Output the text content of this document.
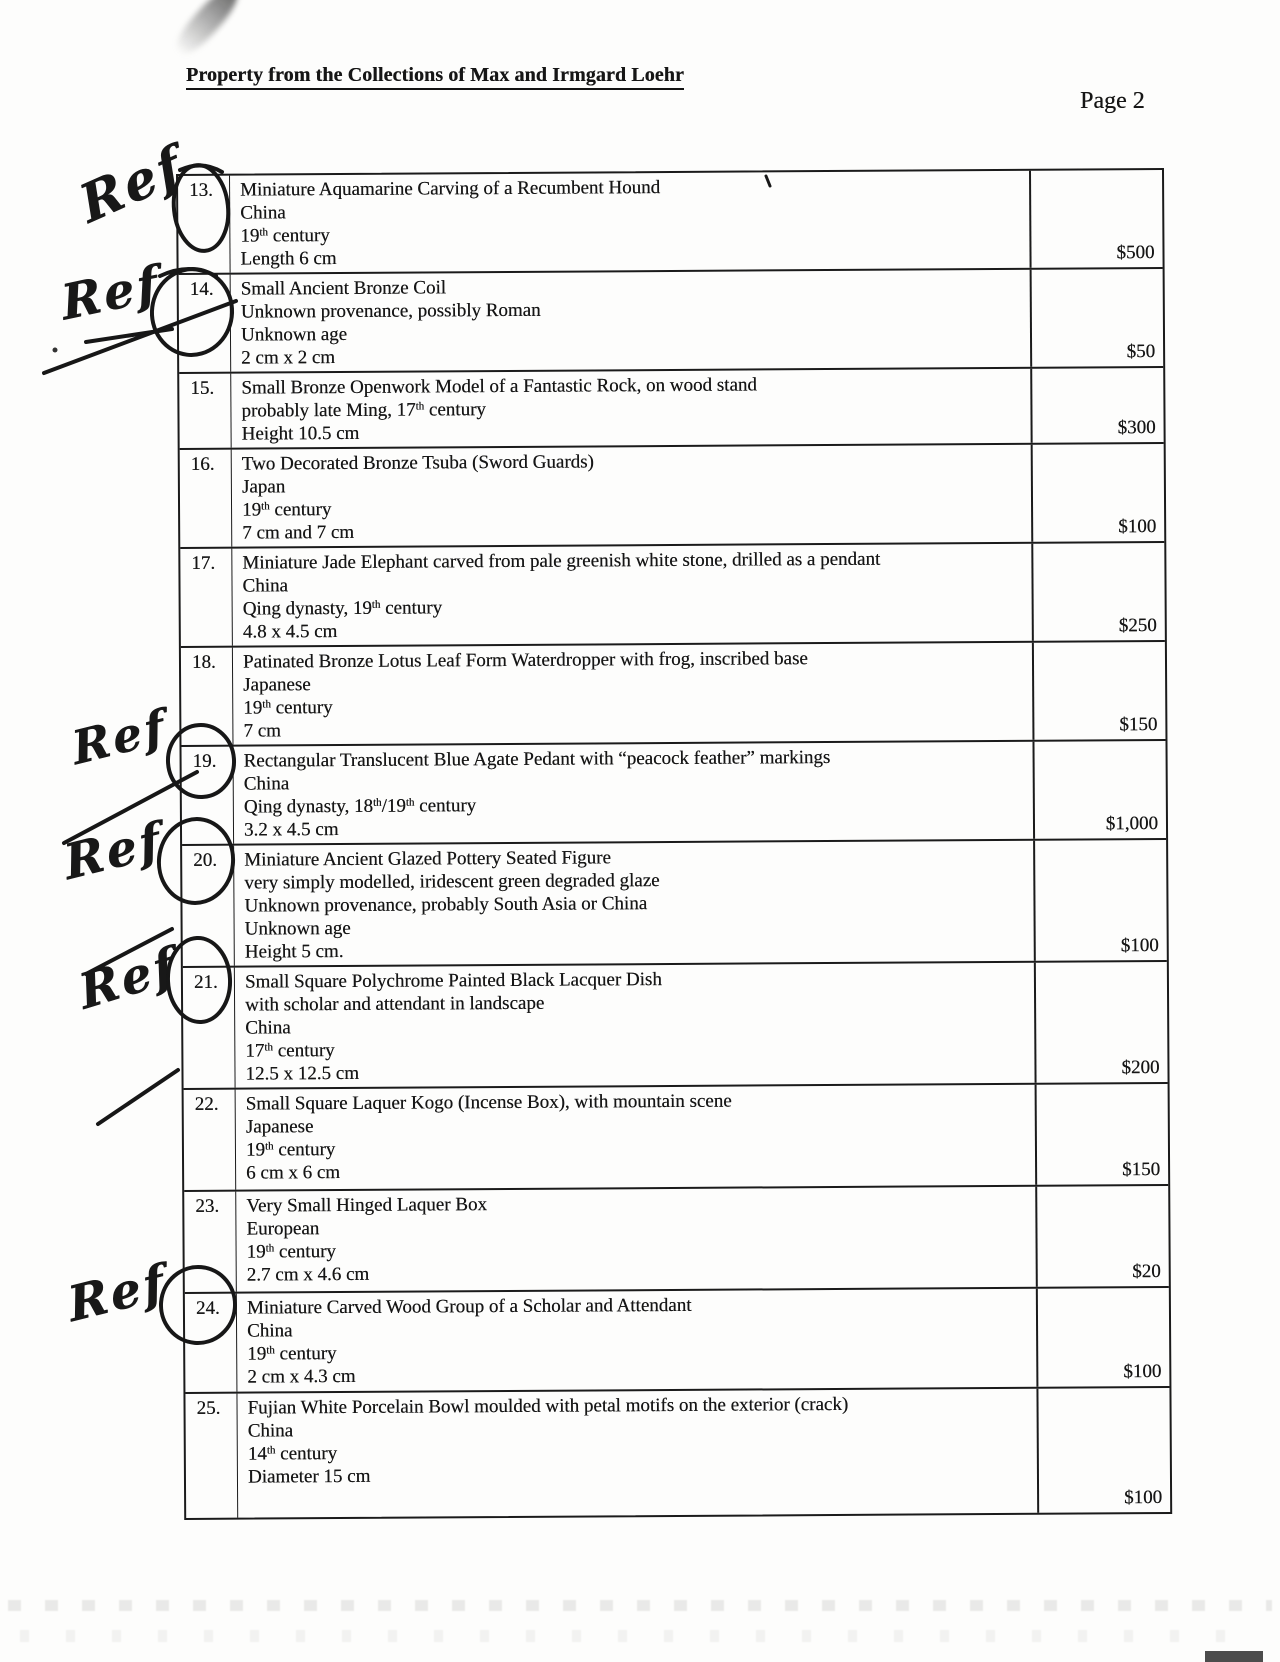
Property from the Collections of Max and Irmgard Loehr
Page 2
13.	Miniature Aquamarine Carving of a Recumbent Hound
China
19th century
Length 6 cm	$500
14.	Small Ancient Bronze Coil
Unknown provenance, possibly Roman
Unknown age
2 cm x 2 cm	$50
15.	Small Bronze Openwork Model of a Fantastic Rock, on wood stand
probably late Ming, 17th century
Height 10.5 cm	$300
16.	Two Decorated Bronze Tsuba (Sword Guards)
Japan
19th century
7 cm and 7 cm	$100
17.	Miniature Jade Elephant carved from pale greenish white stone, drilled as a pendant
China
Qing dynasty, 19th century
4.8 x 4.5 cm	$250
18.	Patinated Bronze Lotus Leaf Form Waterdropper with frog, inscribed base
Japanese
19th century
7 cm	$150
19.	Rectangular Translucent Blue Agate Pedant with “peacock feather” markings
China
Qing dynasty, 18th/19th century
3.2 x 4.5 cm	$1,000
20.	Miniature Ancient Glazed Pottery Seated Figure
very simply modelled, iridescent green degraded glaze
Unknown provenance, probably South Asia or China
Unknown age
Height 5 cm.	$100
21.	Small Square Polychrome Painted Black Lacquer Dish
with scholar and attendant in landscape
China
17th century
12.5 x 12.5 cm	$200
22.	Small Square Laquer Kogo (Incense Box), with mountain scene
Japanese
19th century
6 cm x 6 cm	$150
23.	Very Small Hinged Laquer Box
European
19th century
2.7 cm x 4.6 cm	$20
24.	Miniature Carved Wood Group of a Scholar and Attendant
China
19th century
2 cm x 4.3 cm	$100
25.	Fujian White Porcelain Bowl moulded with petal motifs on the exterior (crack)
China
14th century
Diameter 15 cm
$100
Ref
Ref
Ref
Ref
Ref
Ref
